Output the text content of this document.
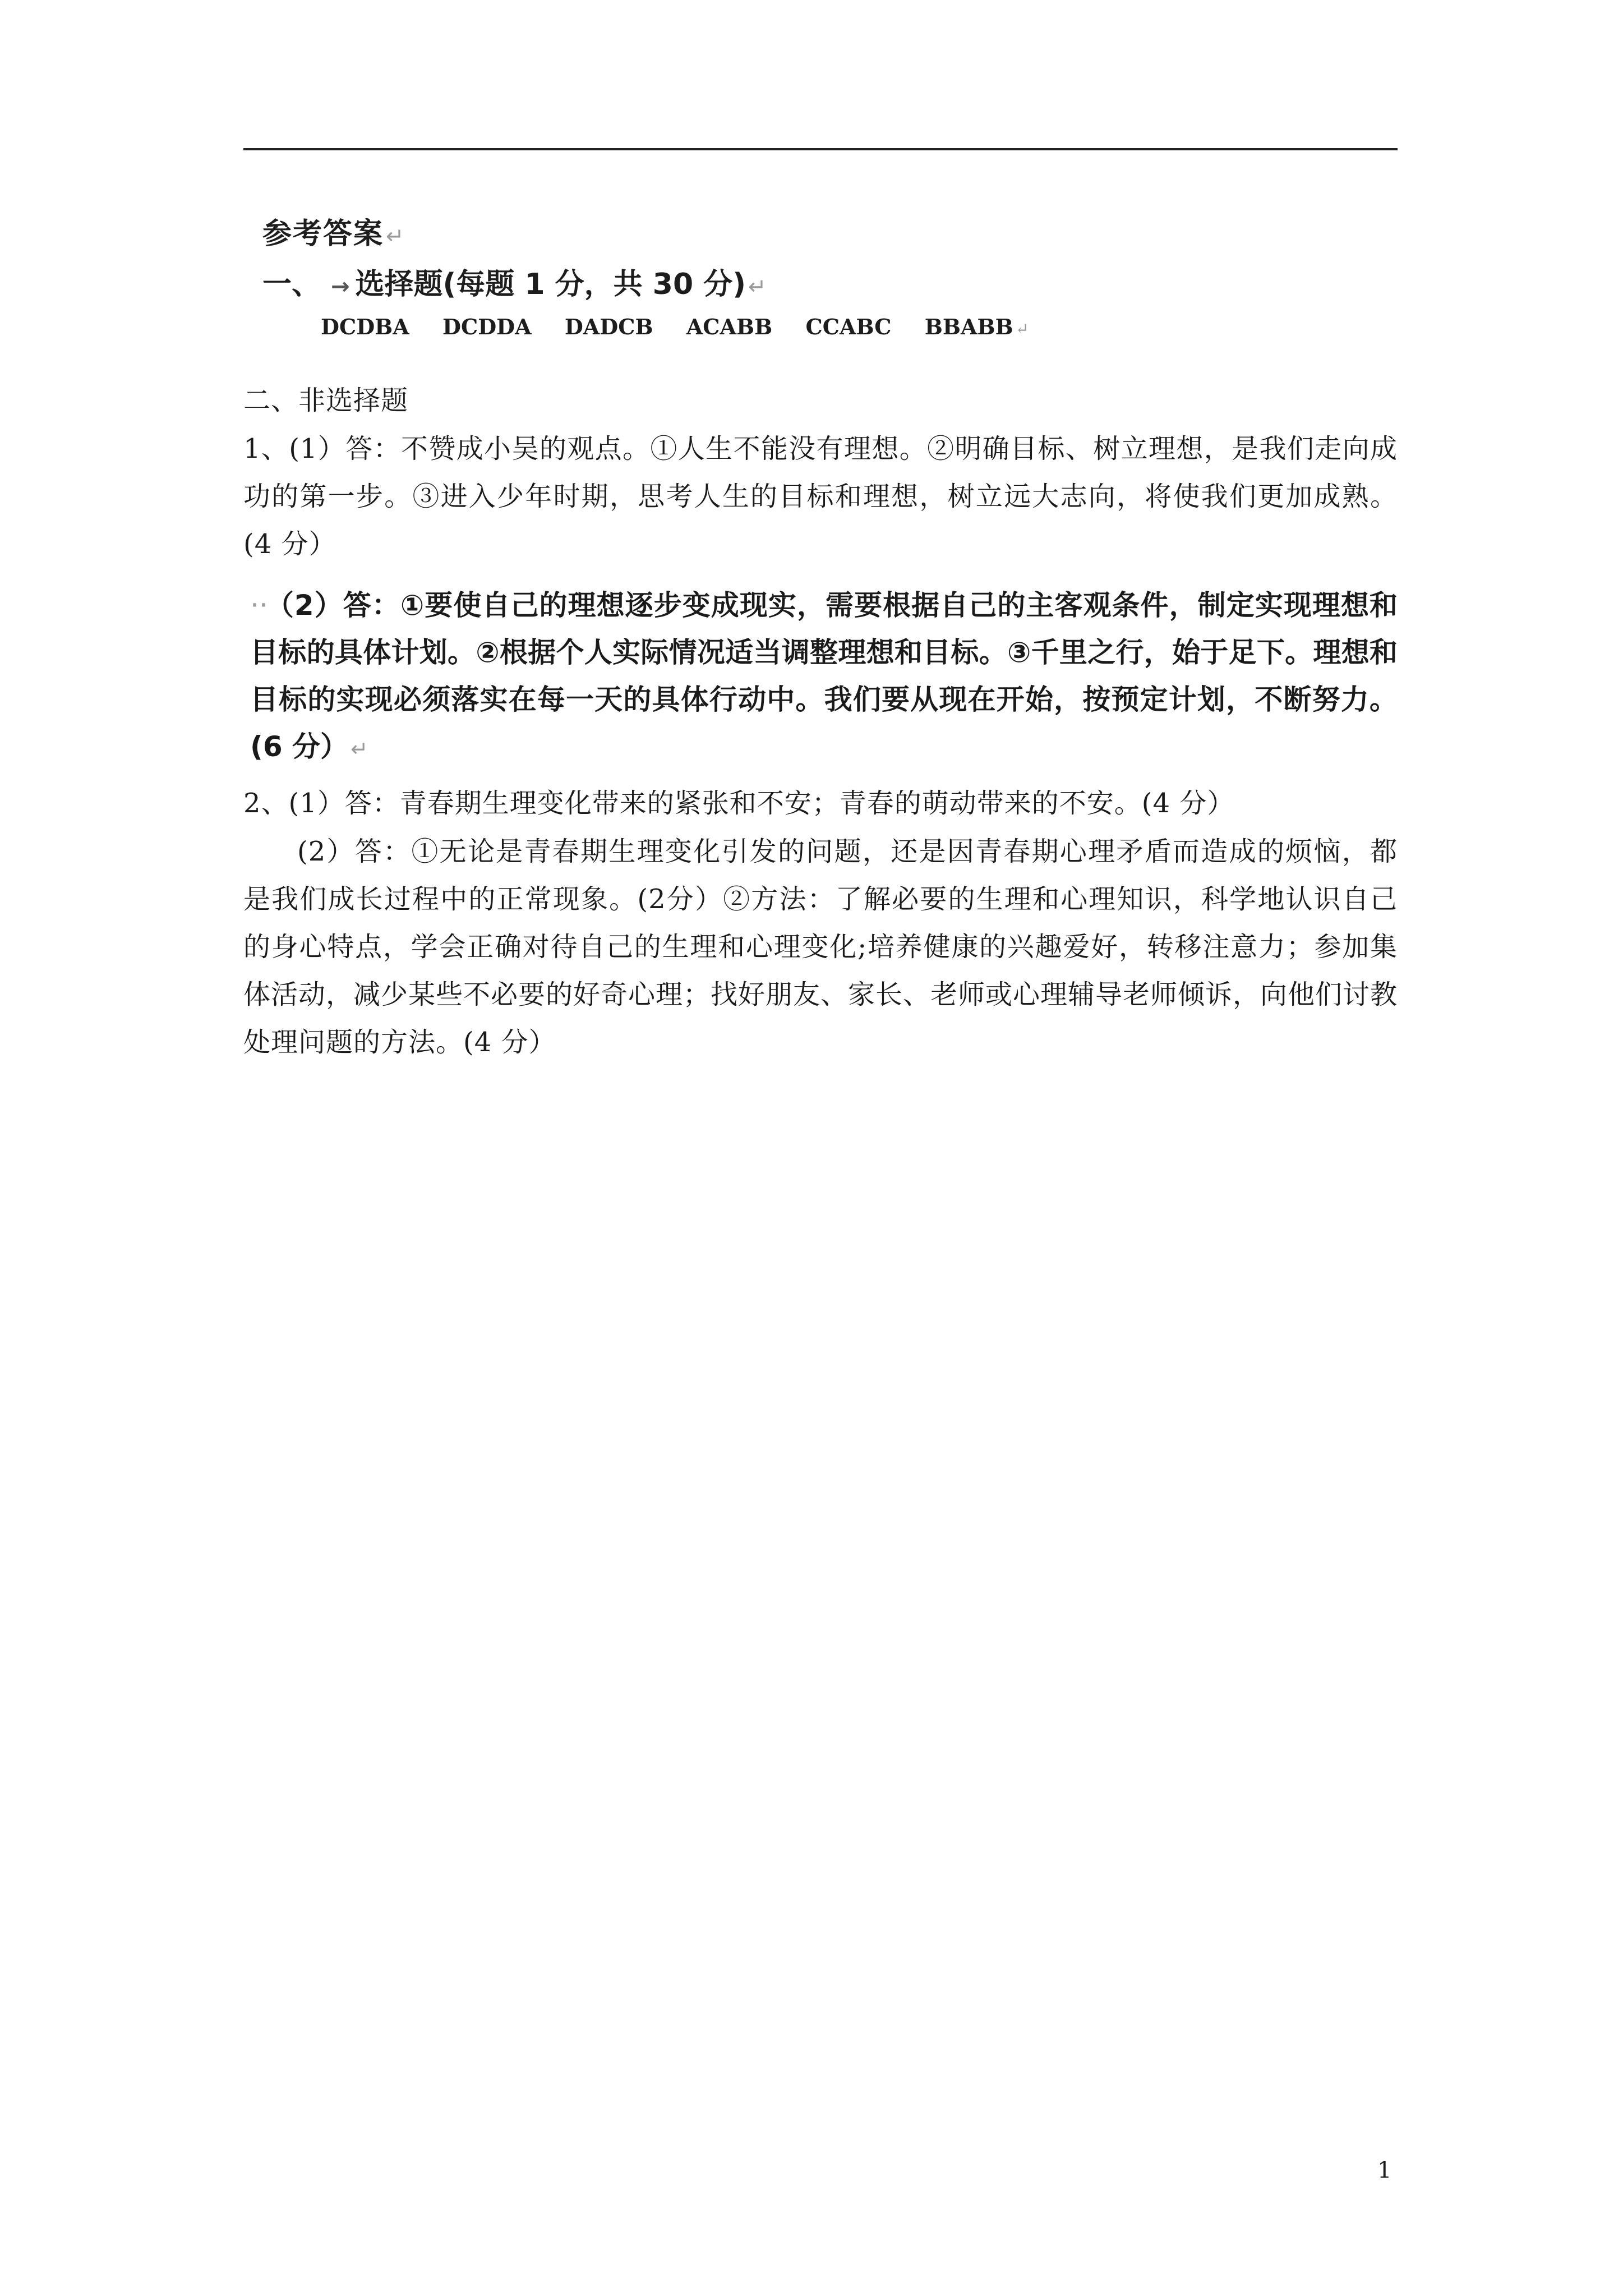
参考答案 ↵
一、 → 选择题(每题 1 分，共 30 分) ↵
DCDBA DCDDA DADCB ACABB CCABC BBABB ↵
二、非选择题
1、(1）答：不赞成小吴的观点。①人生不能没有理想。②明确目标、树立理想，是我们走向成功的第一步。③进入少年时期，思考人生的目标和理想，树立远大志向，将使我们更加成熟。(4 分）
·· （2）答：①要使自己的理想逐步变成现实，需要根据自己的主客观条件，制定实现理想和目标的具体计划。②根据个人实际情况适当调整理想和目标。③千里之行，始于足下。理想和目标的实现必须落实在每一天的具体行动中。我们要从现在开始，按预定计划，不断努力。(6 分） ↵
2、(1）答：青春期生理变化带来的紧张和不安；青春的萌动带来的不安。(4 分）
(2）答：①无论是青春期生理变化引发的问题，还是因青春期心理矛盾而造成的烦恼，都是我们成长过程中的正常现象。(2分）②方法：了解必要的生理和心理知识，科学地认识自己的身心特点，学会正确对待自己的生理和心理变化;培养健康的兴趣爱好，转移注意力；参加集体活动，减少某些不必要的好奇心理；找好朋友、家长、老师或心理辅导老师倾诉，向他们讨教处理问题的方法。(4 分）
1
